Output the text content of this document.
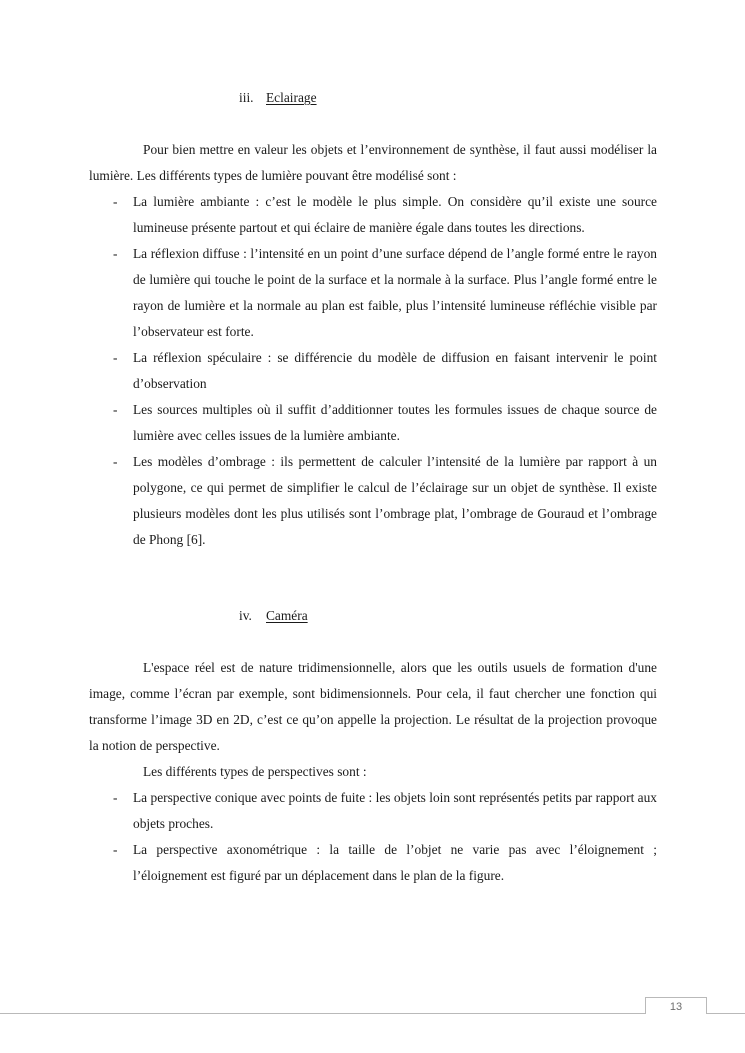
iii. Eclairage

Pour bien mettre en valeur les objets et l’environnement de synthèse, il faut aussi modéliser la lumière. Les différents types de lumière pouvant être modélisé sont :

- La lumière ambiante : c’est le modèle le plus simple. On considère qu’il existe une source lumineuse présente partout et qui éclaire de manière égale dans toutes les directions.
- La réflexion diffuse : l’intensité en un point d’une surface dépend de l’angle formé entre le rayon de lumière qui touche le point de la surface et la normale à la surface. Plus l’angle formé entre le rayon de lumière et la normale au plan est faible, plus l’intensité lumineuse réfléchie visible par l’observateur est forte.
- La réflexion spéculaire : se différencie du modèle de diffusion en faisant intervenir le point d’observation
- Les sources multiples où il suffit d’additionner toutes les formules issues de chaque source de lumière avec celles issues de la lumière ambiante.
- Les modèles d’ombrage : ils permettent de calculer l’intensité de la lumière par rapport à un polygone, ce qui permet de simplifier le calcul de l’éclairage sur un objet de synthèse. Il existe plusieurs modèles dont les plus utilisés sont l’ombrage plat, l’ombrage de Gouraud et l’ombrage de Phong [6].
iv. Caméra

L'espace réel est de nature tridimensionnelle, alors que les outils usuels de formation d'une image, comme l’écran par exemple, sont bidimensionnels. Pour cela, il faut chercher une fonction qui transforme l’image 3D en 2D, c’est ce qu’on appelle la projection. Le résultat de la projection provoque la notion de perspective.

Les différents types de perspectives sont :

- La perspective conique avec points de fuite : les objets loin sont représentés petits par rapport aux objets proches.
- La perspective axonométrique : la taille de l’objet ne varie pas avec l’éloignement ; l’éloignement est figuré par un déplacement dans le plan de la figure.
13
